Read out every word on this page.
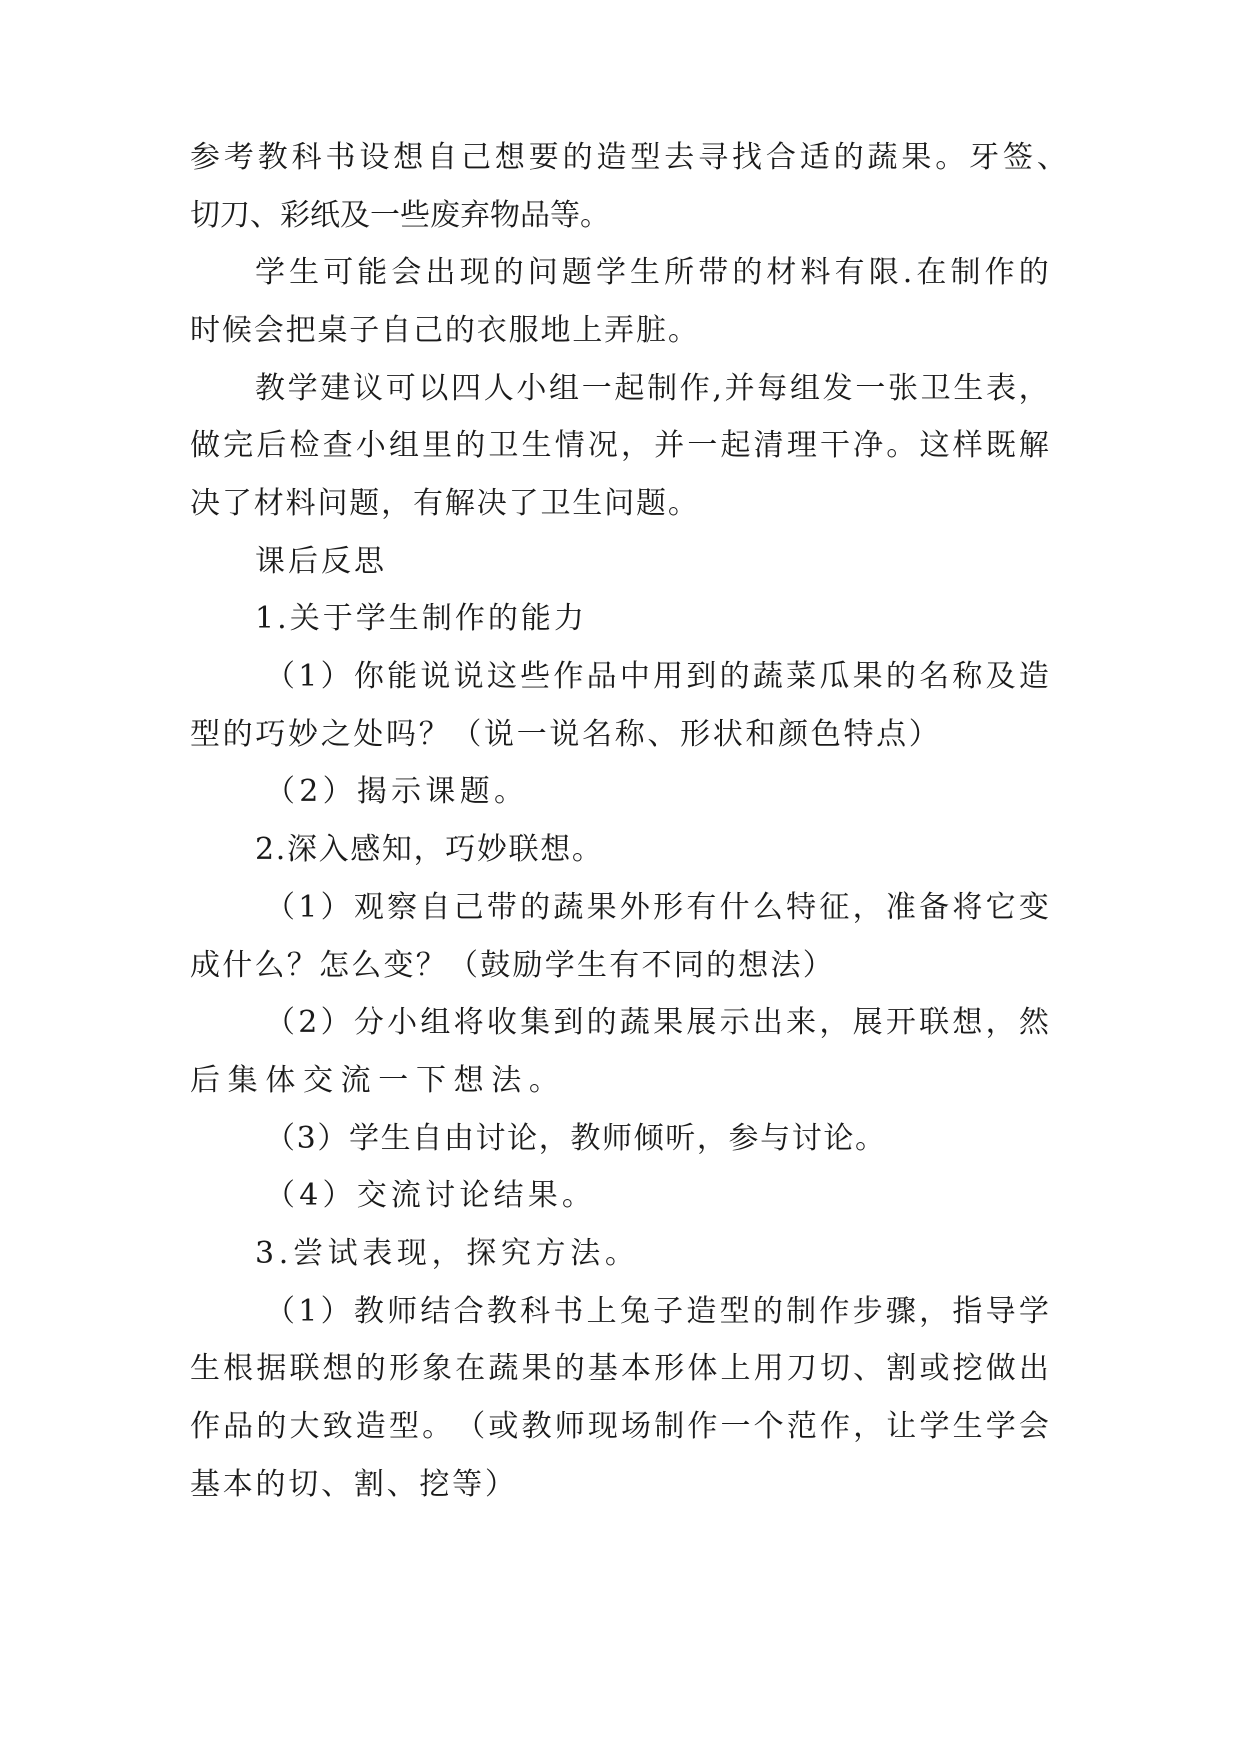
参 考 教 科 书 设 想 自 己 想 要 的 造 型 去 寻 找 合 适 的 蔬 果 。 牙 签 、
切 刀 、 彩 纸 及 一 些 废 弃 物 品 等 。
学 生 可 能 会 出 现 的 问 题 学 生 所 带 的 材 料 有 限 . 在 制 作 的
时 候 会 把 桌 子 自 己 的 衣 服 地 上 弄 脏 。
教 学 建 议 可 以 四 人 小 组 一 起 制 作 , 并 每 组 发 一 张 卫 生 表 ，
做 完 后 检 查 小 组 里 的 卫 生 情 况 ， 并 一 起 清 理 干 净 。 这 样 既 解
决 了 材 料 问 题 ， 有 解 决 了 卫 生 问 题 。
课 后 反 思
1 . 关 于 学 生 制 作 的 能 力
（ 1 ） 你 能 说 说 这 些 作 品 中 用 到 的 蔬 菜 瓜 果 的 名 称 及 造
型 的 巧 妙 之 处 吗 ？ （ 说 一 说 名 称 、 形 状 和 颜 色 特 点 ）
（ 2 ） 揭 示 课 题 。
2 . 深 入 感 知 ， 巧 妙 联 想 。
（ 1 ） 观 察 自 己 带 的 蔬 果 外 形 有 什 么 特 征 ， 准 备 将 它 变
成 什 么 ？ 怎 么 变 ？ （ 鼓 励 学 生 有 不 同 的 想 法 ）
（ 2 ） 分 小 组 将 收 集 到 的 蔬 果 展 示 出 来 ， 展 开 联 想 ， 然
后 集 体 交 流 一 下 想 法 。
（ 3 ） 学 生 自 由 讨 论 ， 教 师 倾 听 ， 参 与 讨 论 。
（ 4 ） 交 流 讨 论 结 果 。
3 . 尝 试 表 现 ， 探 究 方 法 。
（ 1 ） 教 师 结 合 教 科 书 上 兔 子 造 型 的 制 作 步 骤 ， 指 导 学
生 根 据 联 想 的 形 象 在 蔬 果 的 基 本 形 体 上 用 刀 切 、 割 或 挖 做 出
作 品 的 大 致 造 型 。 （ 或 教 师 现 场 制 作 一 个 范 作 ， 让 学 生 学 会
基 本 的 切 、 割 、 挖 等 ）
